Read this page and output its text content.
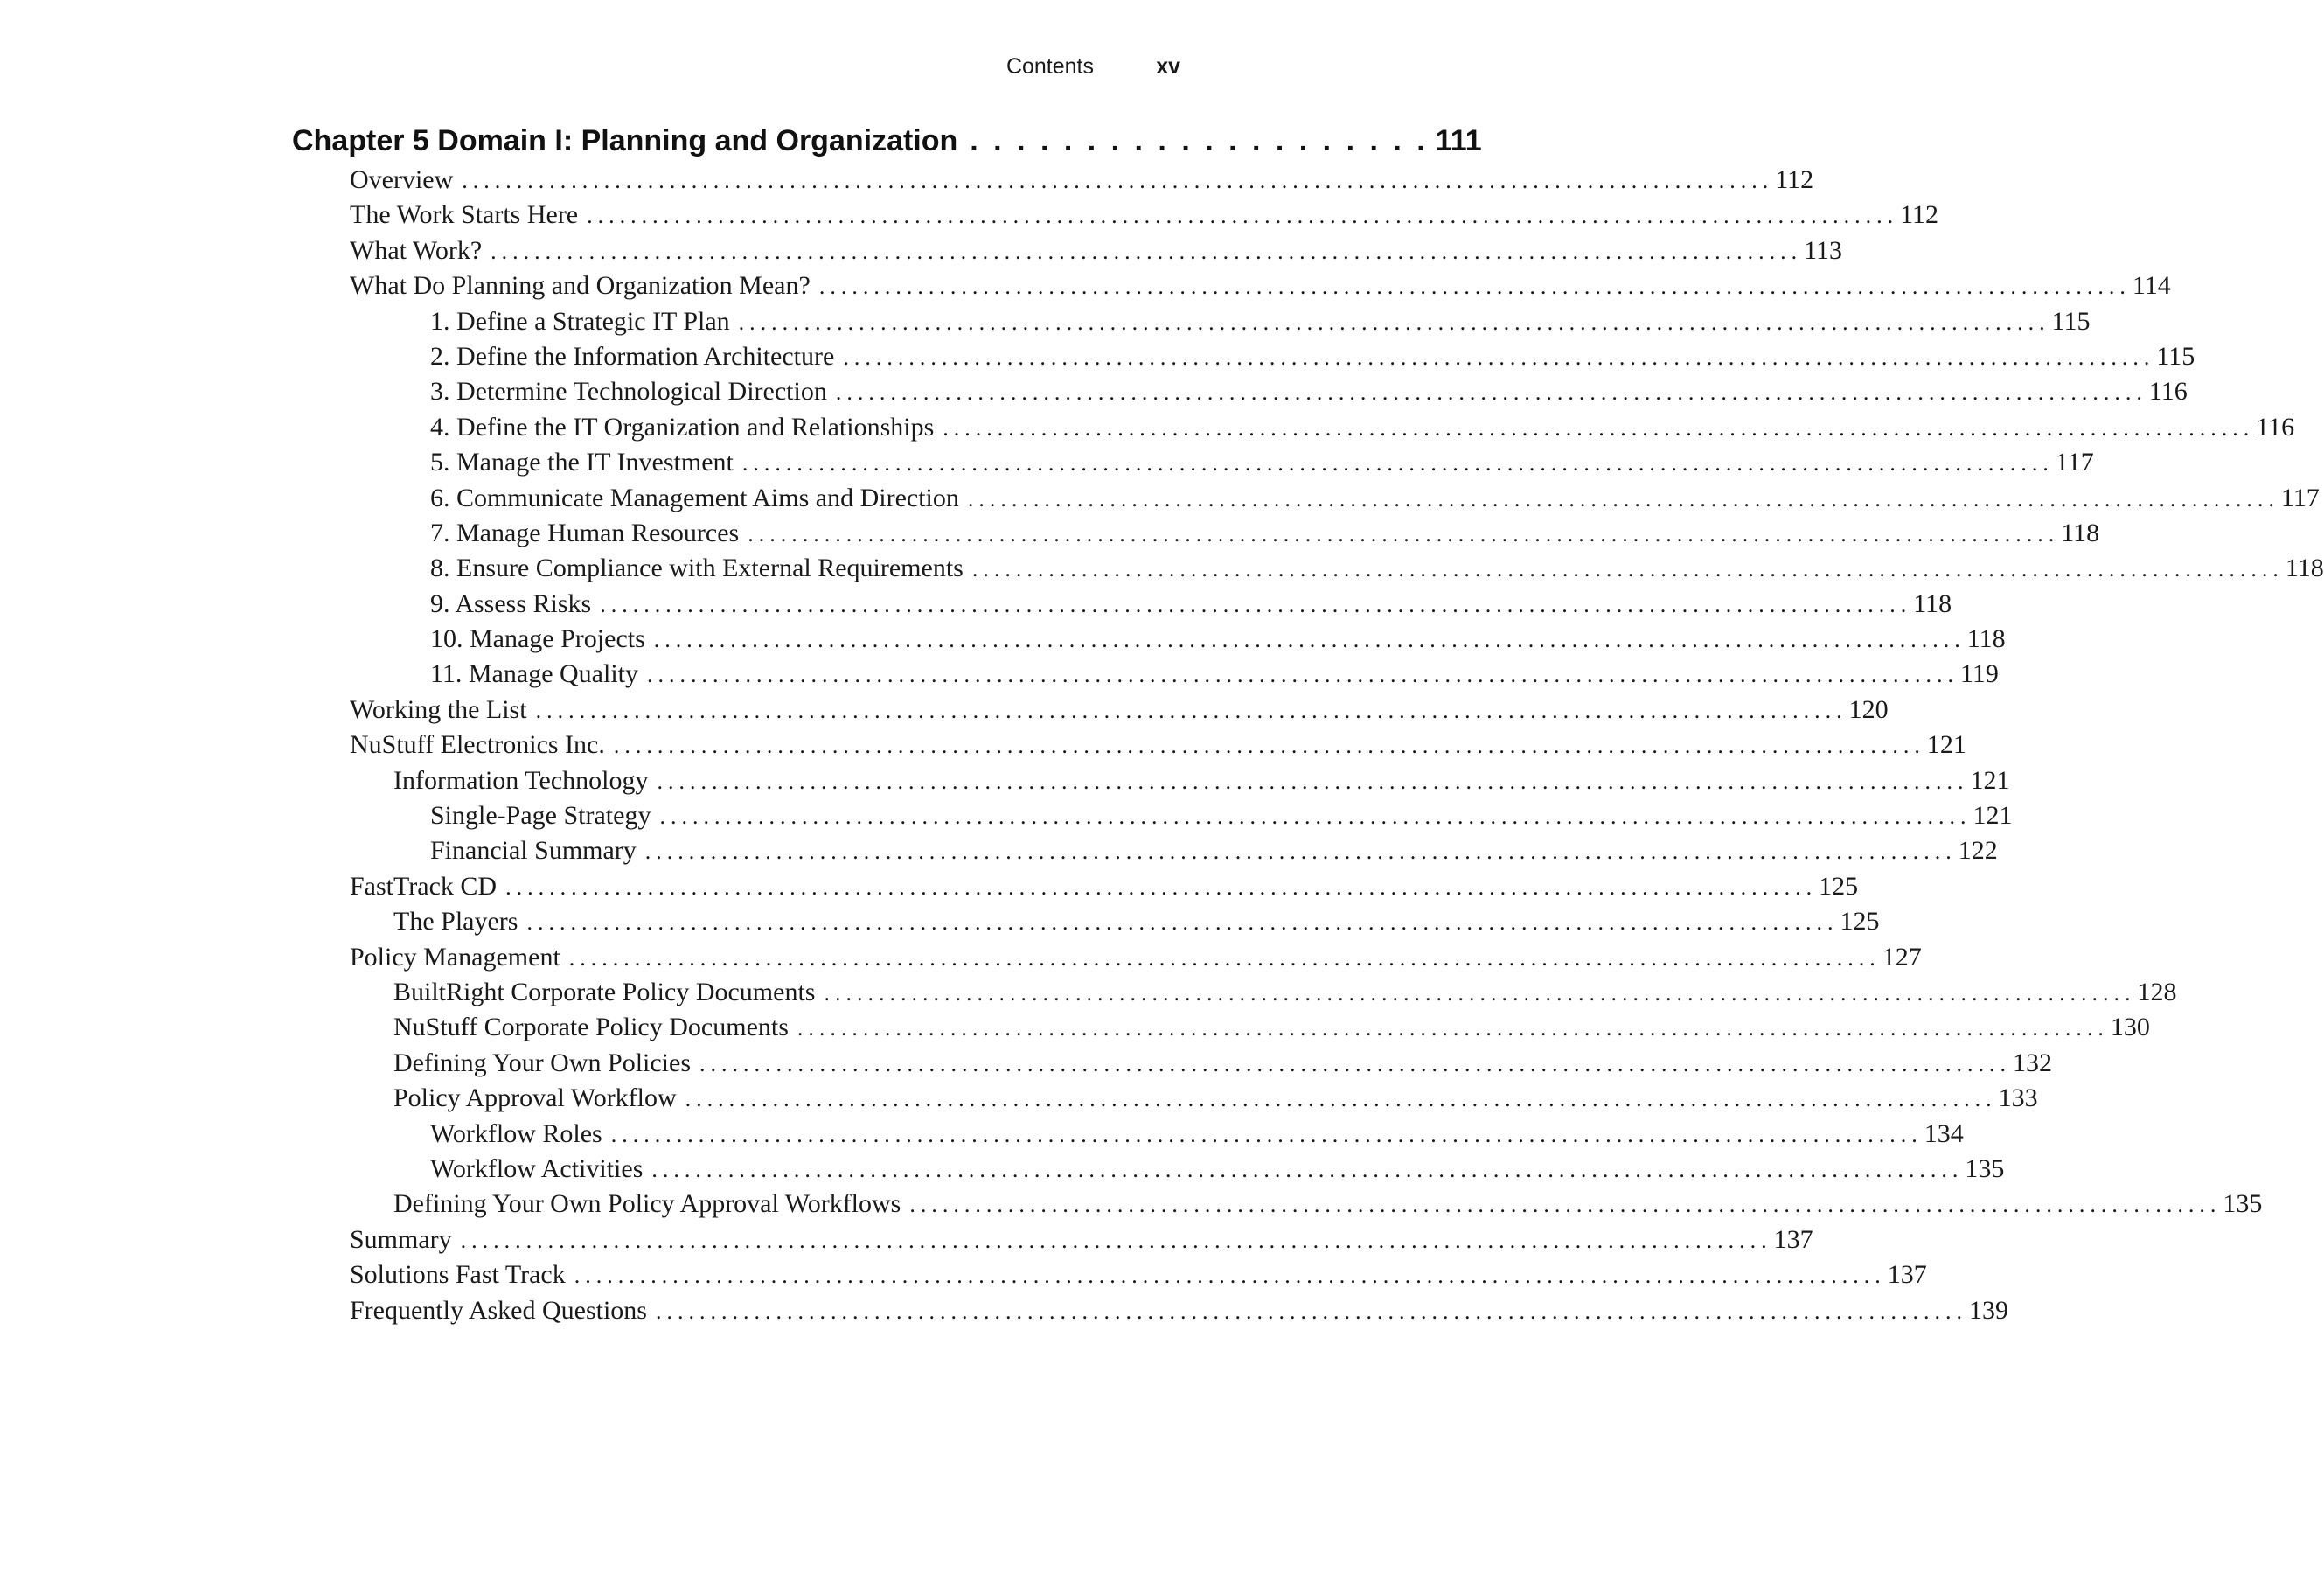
Contents	xv
Chapter 5 Domain I: Planning and Organization . . . . . . . . . . . . . . . . . . . . 111
Overview ........................................................................................................................ 112
The Work Starts Here ........................................................................................................................ 112
What Work? ........................................................................................................................ 113
What Do Planning and Organization Mean? ........................................................................................................................ 114
1. Define a Strategic IT Plan ........................................................................................................................ 115
2. Define the Information Architecture ........................................................................................................................ 115
3. Determine Technological Direction ........................................................................................................................ 116
4. Define the IT Organization and Relationships ........................................................................................................................ 116
5. Manage the IT Investment ........................................................................................................................ 117
6. Communicate Management Aims and Direction ........................................................................................................................ 117
7. Manage Human Resources ........................................................................................................................ 118
8. Ensure Compliance with External Requirements ........................................................................................................................ 118
9. Assess Risks ........................................................................................................................ 118
10. Manage Projects ........................................................................................................................ 118
11. Manage Quality ........................................................................................................................ 119
Working the List ........................................................................................................................ 120
NuStuff Electronics Inc. ........................................................................................................................ 121
Information Technology ........................................................................................................................ 121
Single-Page Strategy ........................................................................................................................ 121
Financial Summary ........................................................................................................................ 122
FastTrack CD ........................................................................................................................ 125
The Players ........................................................................................................................ 125
Policy Management ........................................................................................................................ 127
BuiltRight Corporate Policy Documents ........................................................................................................................ 128
NuStuff Corporate Policy Documents ........................................................................................................................ 130
Defining Your Own Policies ........................................................................................................................ 132
Policy Approval Workflow ........................................................................................................................ 133
Workflow Roles ........................................................................................................................ 134
Workflow Activities ........................................................................................................................ 135
Defining Your Own Policy Approval Workflows ........................................................................................................................ 135
Summary ........................................................................................................................ 137
Solutions Fast Track ........................................................................................................................ 137
Frequently Asked Questions ........................................................................................................................ 139
